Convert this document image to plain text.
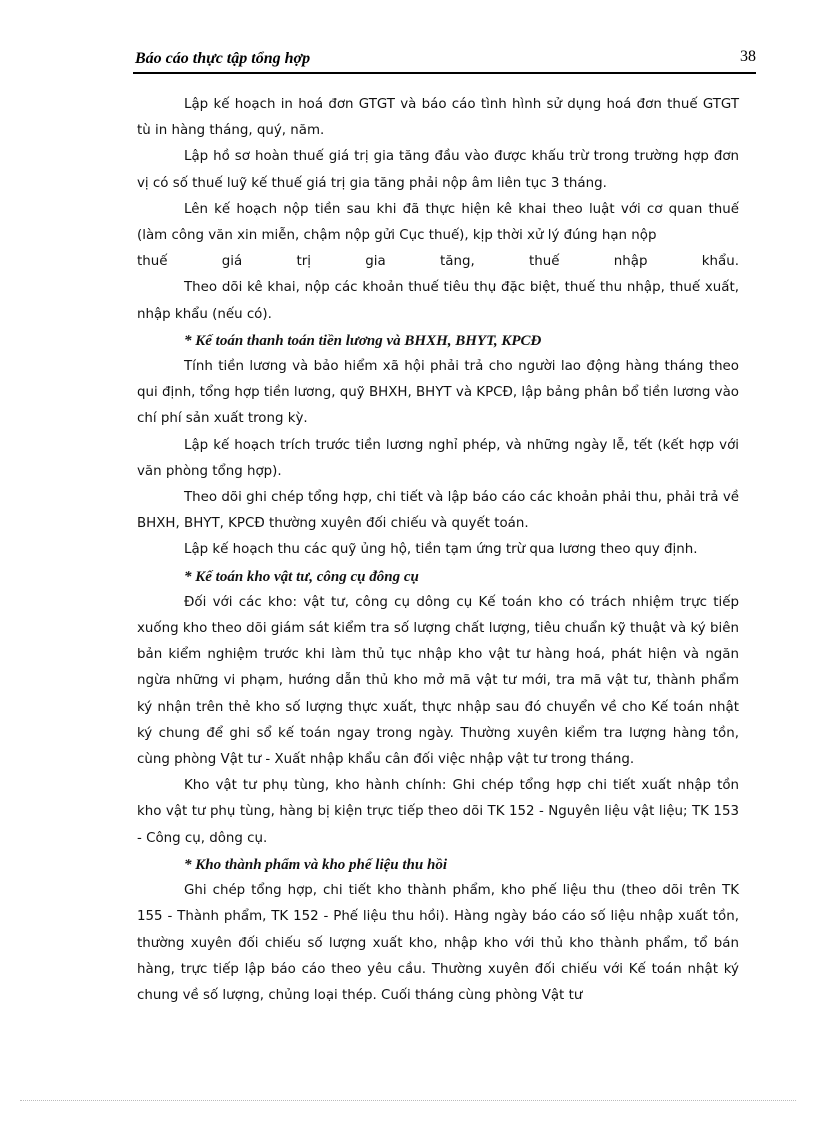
Báo cáo thực tập tổng hợp	38

Lập kế hoạch in hoá đơn GTGT và báo cáo tình hình sử dụng hoá đơn thuế GTGT tù in hàng tháng, quý, năm.

Lập hồ sơ hoàn thuế giá trị gia tăng đầu vào được khấu trừ trong trường hợp đơn vị có số thuế luỹ kế thuế giá trị gia tăng phải nộp âm liên tục 3 tháng.

Lên kế hoạch nộp tiền sau khi đã thực hiện kê khai theo luật với cơ quan thuế (làm công văn xin miễn, chậm nộp gửi Cục thuế), kịp thời xử lý đúng hạn nộp

thuế giá trị gia tăng, thuế nhập khẩu.

Theo dõi kê khai, nộp các khoản thuế tiêu thụ đặc biệt, thuế thu nhập, thuế xuất, nhập khẩu (nếu có).

* Kế toán thanh toán tiền lương và BHXH, BHYT, KPCĐ

Tính tiền lương và bảo hiểm xã hội phải trả cho người lao động hàng tháng theo qui định, tổng hợp tiền lương, quỹ BHXH, BHYT và KPCĐ, lập bảng phân bổ tiền lương vào chí phí sản xuất trong kỳ.

Lập kế hoạch trích trước tiền lương nghỉ phép, và những ngày lễ, tết (kết hợp với văn phòng tổng hợp).

Theo dõi ghi chép tổng hợp, chi tiết và lập báo cáo các khoản phải thu, phải trả về BHXH, BHYT, KPCĐ thường xuyên đối chiếu và quyết toán.

Lập kế hoạch thu các quỹ ủng hộ, tiền tạm ứng trừ qua lương theo quy định.

* Kế toán kho vật tư, công cụ đông cụ

Đối với các kho: vật tư, công cụ dông cụ Kế toán kho có trách nhiệm trực tiếp xuống kho theo dõi giám sát kiểm tra số lượng chất lượng, tiêu chuẩn kỹ thuật và ký biên bản kiểm nghiệm trước khi làm thủ tục nhập kho vật tư hàng hoá, phát hiện và ngăn ngừa những vi phạm, hướng dẫn thủ kho mở mã vật tư mới, tra mã vật tư, thành phẩm ký nhận trên thẻ kho số lượng thực xuất, thực nhập sau đó chuyển về cho Kế toán nhật ký chung để ghi sổ kế toán ngay trong ngày. Thường xuyên kiểm tra lượng hàng tồn, cùng phòng Vật tư - Xuất nhập khẩu cân đối việc nhập vật tư trong tháng.

Kho vật tư phụ tùng, kho hành chính: Ghi chép tổng hợp chi tiết xuất nhập tồn kho vật tư phụ tùng, hàng bị kiện trực tiếp theo dõi TK 152 - Nguyên liệu vật liệu; TK 153 - Công cụ, dông cụ.

* Kho thành phẩm và kho phế liệu thu hồi

Ghi chép tổng hợp, chi tiết kho thành phẩm, kho phế liệu thu (theo dõi trên TK 155 - Thành phẩm, TK 152 - Phế liệu thu hồi). Hàng ngày báo cáo số liệu nhập xuất tồn, thường xuyên đối chiếu số lượng xuất kho, nhập kho với thủ kho thành phẩm, tổ bán hàng, trực tiếp lập báo cáo theo yêu cầu. Thường xuyên đối chiếu với Kế toán nhật ký chung về số lượng, chủng loại thép. Cuối tháng cùng phòng Vật tư
